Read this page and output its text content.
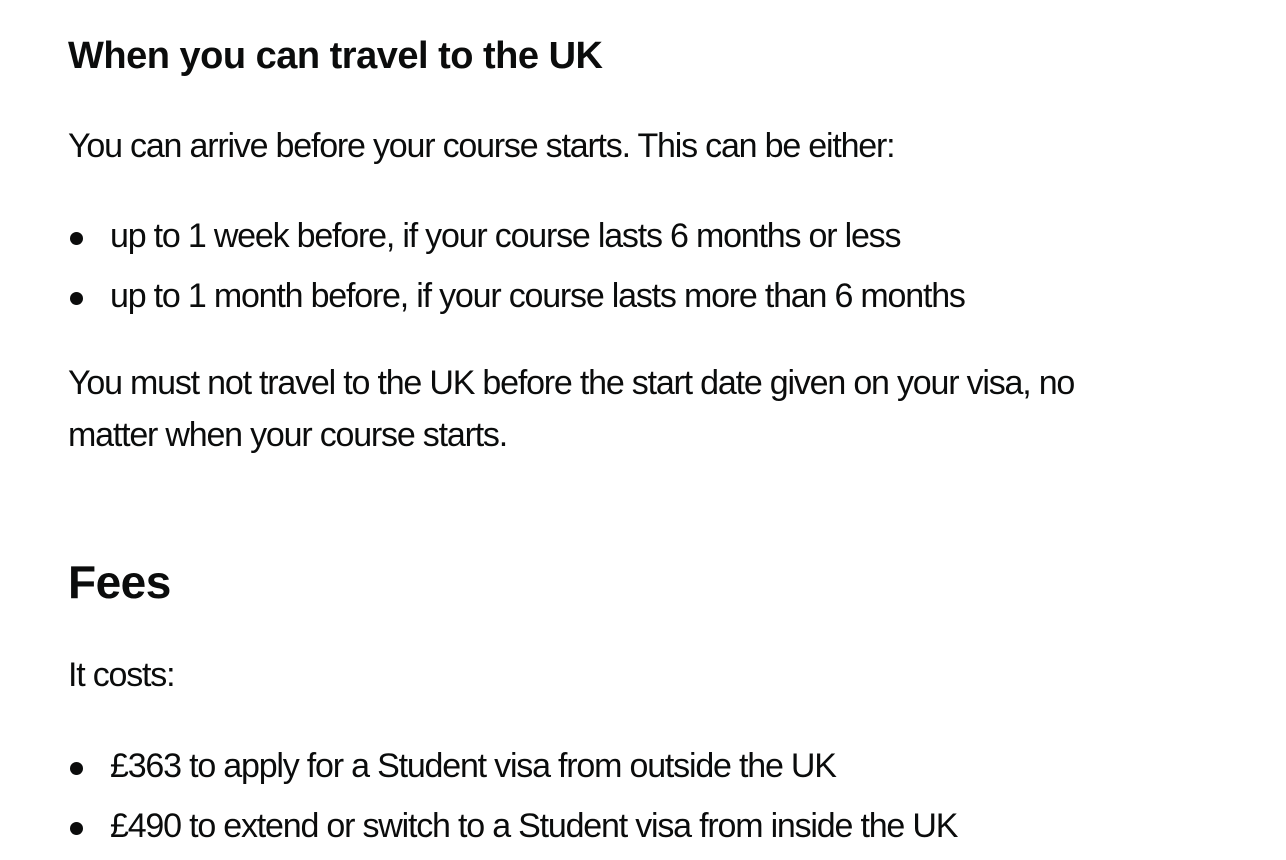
When you can travel to the UK

You can arrive before your course starts. This can be either:

up to 1 week before, if your course lasts 6 months or less
up to 1 month before, if your course lasts more than 6 months

You must not travel to the UK before the start date given on your visa, no
matter when your course starts.

Fees

It costs:

£363 to apply for a Student visa from outside the UK
£490 to extend or switch to a Student visa from inside the UK
